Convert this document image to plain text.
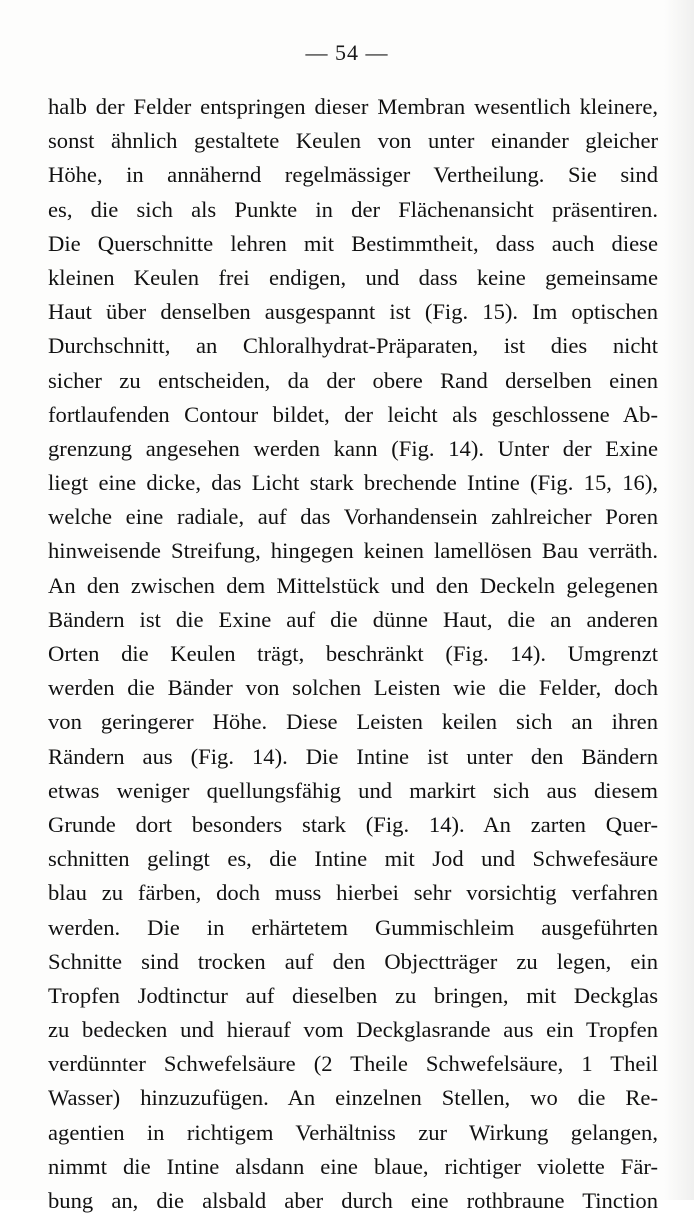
— 54 —
halb der Felder entspringen dieser Membran wesentlich kleinere,
sonst ähnlich gestaltete Keulen von unter einander gleicher
Höhe, in annähernd regelmässiger Vertheilung. Sie sind
es, die sich als Punkte in der Flächenansicht präsentiren.
Die Querschnitte lehren mit Bestimmtheit, dass auch diese
kleinen Keulen frei endigen, und dass keine gemeinsame
Haut über denselben ausgespannt ist (Fig. 15). Im optischen
Durchschnitt, an Chloralhydrat-Präparaten, ist dies nicht
sicher zu entscheiden, da der obere Rand derselben einen
fortlaufenden Contour bildet, der leicht als geschlossene Ab-
grenzung angesehen werden kann (Fig. 14). Unter der Exine
liegt eine dicke, das Licht stark brechende Intine (Fig. 15, 16),
welche eine radiale, auf das Vorhandensein zahlreicher Poren
hinweisende Streifung, hingegen keinen lamellösen Bau verräth.
An den zwischen dem Mittelstück und den Deckeln gelegenen
Bändern ist die Exine auf die dünne Haut, die an anderen
Orten die Keulen trägt, beschränkt (Fig. 14). Umgrenzt
werden die Bänder von solchen Leisten wie die Felder, doch
von geringerer Höhe. Diese Leisten keilen sich an ihren
Rändern aus (Fig. 14). Die Intine ist unter den Bändern
etwas weniger quellungsfähig und markirt sich aus diesem
Grunde dort besonders stark (Fig. 14). An zarten Quer-
schnitten gelingt es, die Intine mit Jod und Schwefesäure
blau zu färben, doch muss hierbei sehr vorsichtig verfahren
werden. Die in erhärtetem Gummischleim ausgeführten
Schnitte sind trocken auf den Objectträger zu legen, ein
Tropfen Jodtinctur auf dieselben zu bringen, mit Deckglas
zu bedecken und hierauf vom Deckglasrande aus ein Tropfen
verdünnter Schwefelsäure (2 Theile Schwefelsäure, 1 Theil
Wasser) hinzuzufügen. An einzelnen Stellen, wo die Re-
agentien in richtigem Verhältniss zur Wirkung gelangen,
nimmt die Intine alsdann eine blaue, richtiger violette Fär-
bung an, die alsbald aber durch eine rothbraune Tinction
